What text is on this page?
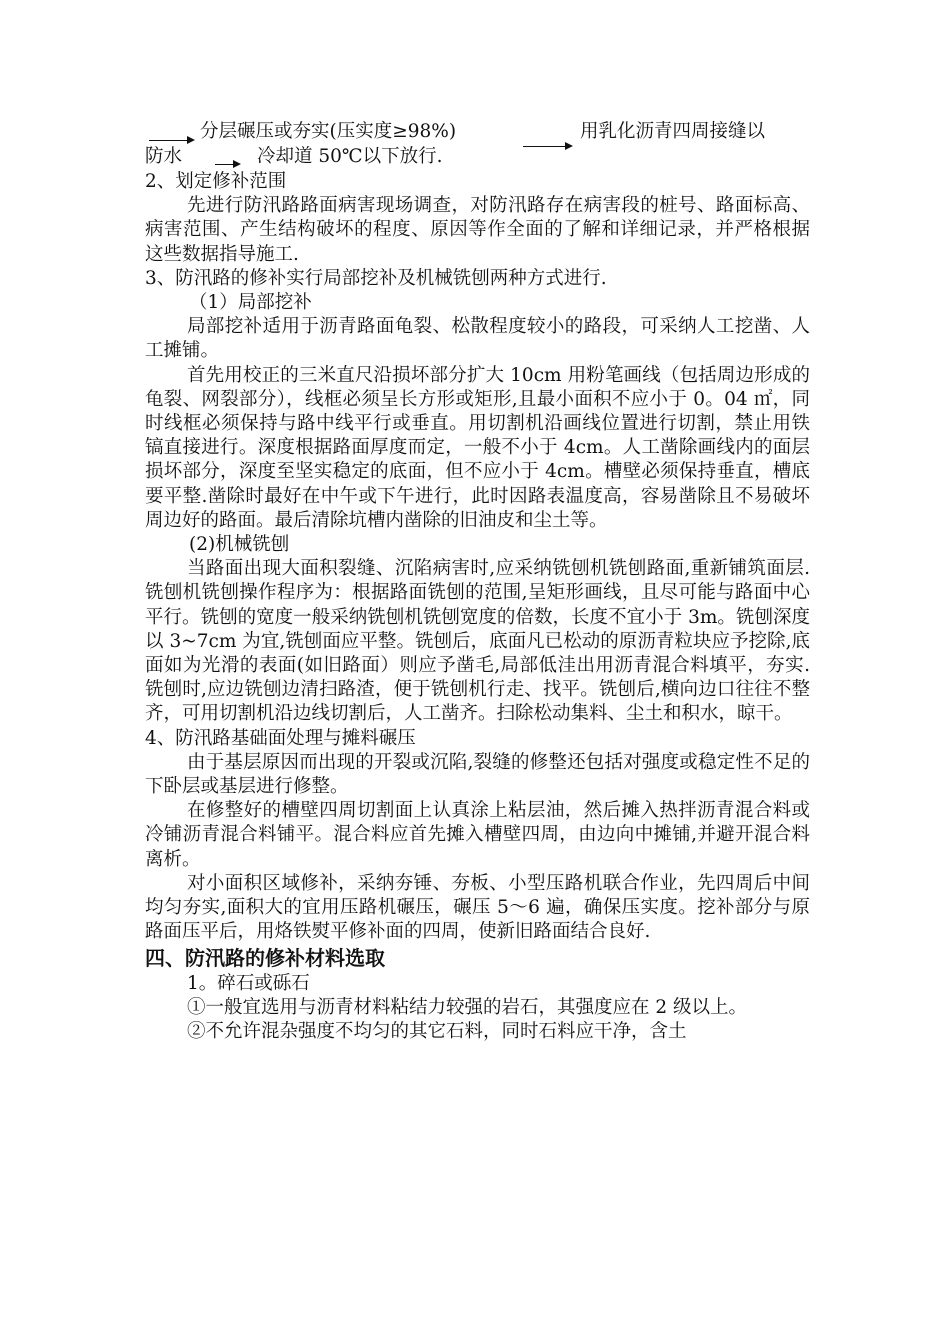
分层碾压或夯实(压实度≥98%)	用乳化沥青四周接缝以
防水	冷却道 50℃以下放行.

2、划定修补范围

先进行防汛路路面病害现场调查，对防汛路存在病害段的桩号、路面标高、病害范围、产生结构破坏的程度、原因等作全面的了解和详细记录，并严格根据这些数据指导施工.

3、防汛路的修补实行局部挖补及机械铣刨两种方式进行.

（1）局部挖补

局部挖补适用于沥青路面龟裂、松散程度较小的路段，可采纳人工挖凿、人工摊铺。

首先用校正的三米直尺沿损坏部分扩大 10cm 用粉笔画线（包括周边形成的龟裂、网裂部分），线框必须呈长方形或矩形,且最小面积不应小于 0。04 ㎡，同时线框必须保持与路中线平行或垂直。用切割机沿画线位置进行切割，禁止用铁镐直接进行。深度根据路面厚度而定，一般不小于 4cm。人工凿除画线内的面层损坏部分，深度至坚实稳定的底面，但不应小于 4cm。槽壁必须保持垂直，槽底要平整.凿除时最好在中午或下午进行，此时因路表温度高，容易凿除且不易破坏周边好的路面。最后清除坑槽内凿除的旧油皮和尘土等。

(2)机械铣刨

当路面出现大面积裂缝、沉陷病害时,应采纳铣刨机铣刨路面,重新铺筑面层.铣刨机铣刨操作程序为：根据路面铣刨的范围,呈矩形画线，且尽可能与路面中心平行。铣刨的宽度一般采纳铣刨机铣刨宽度的倍数，长度不宜小于 3m。铣刨深度以 3~7cm 为宜,铣刨面应平整。铣刨后，底面凡已松动的原沥青粒块应予挖除,底面如为光滑的表面(如旧路面）则应予凿毛,局部低洼出用沥青混合料填平，夯实.铣刨时,应边铣刨边清扫路渣，便于铣刨机行走、找平。铣刨后,横向边口往往不整齐，可用切割机沿边线切割后，人工凿齐。扫除松动集料、尘土和积水，晾干。

4、防汛路基础面处理与摊料碾压

由于基层原因而出现的开裂或沉陷,裂缝的修整还包括对强度或稳定性不足的下卧层或基层进行修整。

在修整好的槽壁四周切割面上认真涂上粘层油，然后摊入热拌沥青混合料或冷铺沥青混合料铺平。混合料应首先摊入槽壁四周，由边向中摊铺,并避开混合料离析。

对小面积区域修补，采纳夯锤、夯板、小型压路机联合作业，先四周后中间均匀夯实,面积大的宜用压路机碾压，碾压 5～6 遍，确保压实度。挖补部分与原路面压平后，用烙铁熨平修补面的四周，使新旧路面结合良好.

四、防汛路的修补材料选取

1。碎石或砾石

①一般宜选用与沥青材料粘结力较强的岩石，其强度应在 2 级以上。

②不允许混杂强度不均匀的其它石料，同时石料应干净，含土
